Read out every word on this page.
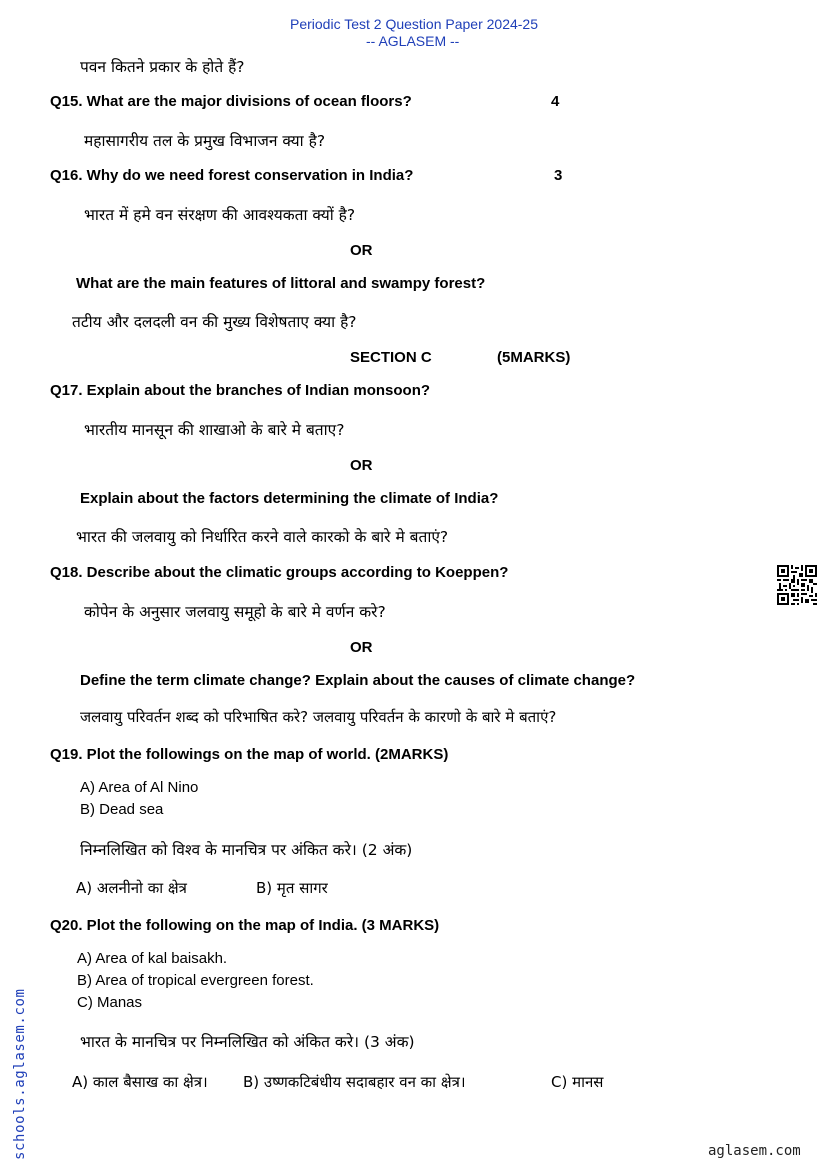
Periodic Test 2 Question Paper 2024-25
-- AGLASEM --
पवन कितने प्रकार के होते हैं?
Q15. What are the major divisions of ocean floors?	4
महासागरीय तल के प्रमुख विभाजन क्या है?
Q16. Why do we need forest conservation in India?	3
भारत में हमे वन संरक्षण की आवश्यकता क्यों है?
OR
What are the main features of littoral and swampy forest?
तटीय और दलदली वन की मुख्य विशेषताए क्या है?
SECTION C	(5MARKS)
Q17. Explain about the branches of Indian monsoon?
भारतीय मानसून की शाखाओ के बारे मे बताए?
OR
Explain about the factors determining the climate of India?
भारत की जलवायु को निर्धारित करने वाले कारको के बारे मे बताएं?
Q18. Describe about the climatic groups according to Koeppen?
कोपेन के अनुसार जलवायु समूहो के बारे मे वर्णन करे?
OR
Define the term climate change? Explain about the causes of climate change?
जलवायु परिवर्तन शब्द को परिभाषित करे? जलवायु परिवर्तन के कारणो के बारे मे बताएं?
Q19. Plot the followings on the map of world. (2MARKS)
A) Area of Al Nino
B) Dead sea
निम्नलिखित को विश्व के मानचित्र पर अंकित करे। (2 अंक)
A) अलनीनो का क्षेत्र	B) मृत सागर
Q20. Plot the following on the map of India. (3 MARKS)
A) Area of kal baisakh.
B) Area of tropical evergreen forest.
C) Manas
भारत के मानचित्र पर निम्नलिखित को अंकित करे। (3 अंक)
A) काल बैसाख का क्षेत्र। B) उष्णकटिबंधीय सदाबहार वन का क्षेत्र।	C) मानस
schools.aglasem.com	aglasem.com
